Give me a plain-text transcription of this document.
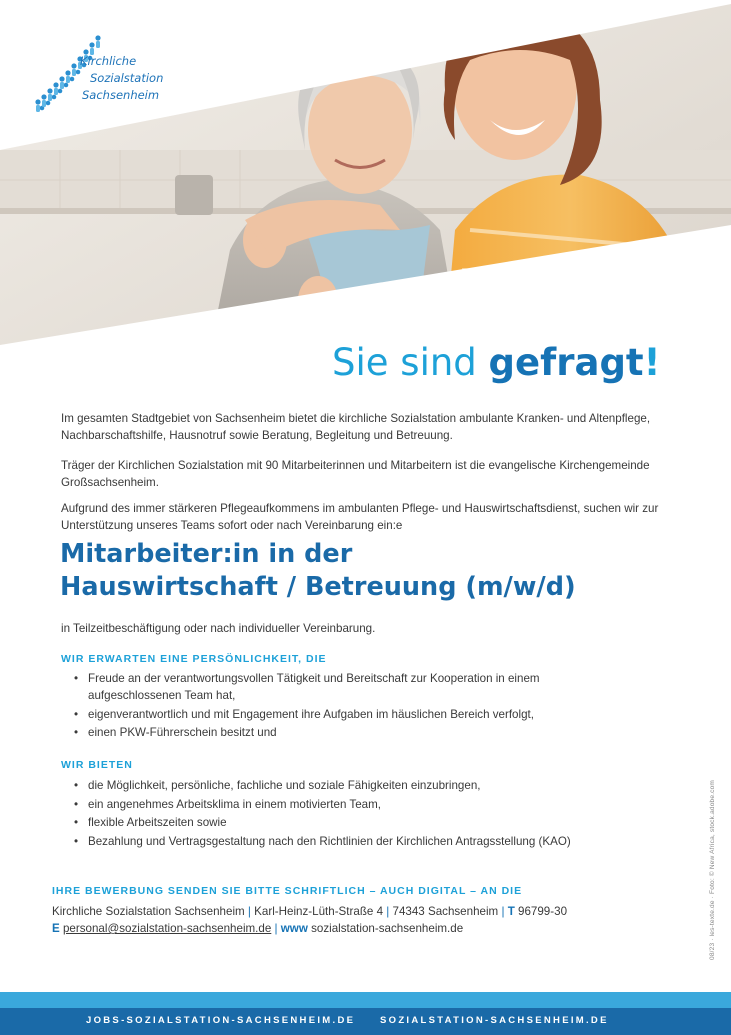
Kirchliche
Sozialstation
Sachsenheim
Sie sind gefragt!

Im gesamten Stadtgebiet von Sachsenheim bietet die kirchliche Sozialstation ambulante Kranken- und Altenpflege, Nachbarschaftshilfe, Hausnotruf sowie Beratung, Begleitung und Betreuung.

Träger der Kirchlichen Sozialstation mit 90 Mitarbeiterinnen und Mitarbeitern ist die evangelische Kirchengemeinde Großsachsenheim.

Aufgrund des immer stärkeren Pflegeaufkommens im ambulanten Pflege- und Hauswirtschaftsdienst, suchen wir zur Unterstützung unseres Teams sofort oder nach Vereinbarung ein:e

Mitarbeiter:in in der
Hauswirtschaft / Betreuung (m/w/d)

in Teilzeitbeschäftigung oder nach individueller Vereinbarung.

WIR ERWARTEN EINE PERSÖNLICHKEIT, DIE
• Freude an der verantwortungsvollen Tätigkeit und Bereitschaft zur Kooperation in einem aufgeschlossenen Team hat,
• eigenverantwortlich und mit Engagement ihre Aufgaben im häuslichen Bereich verfolgt,
• einen PKW-Führerschein besitzt und
WIR BIETEN
• die Möglichkeit, persönliche, fachliche und soziale Fähigkeiten einzubringen,
• ein angenehmes Arbeitsklima in einem motivierten Team,
• flexible Arbeitszeiten sowie
• Bezahlung und Vertragsgestaltung nach den Richtlinien der Kirchlichen Antragsstellung (KAO)
IHRE BEWERBUNG SENDEN SIE BITTE SCHRIFTLICH – AUCH DIGITAL – AN DIE
Kirchliche Sozialstation Sachsenheim | Karl-Heinz-Lüth-Straße 4 | 74343 Sachsenheim | T 96799-30
E personal@sozialstation-sachsenheim.de | www sozialstation-sachsenheim.de	08/23 · les-texte.de · Foto: © New Africa, stock.adobe.com
JOBS-SOZIALSTATION-SACHSENHEIM.DE	SOZIALSTATION-SACHSENHEIM.DE
